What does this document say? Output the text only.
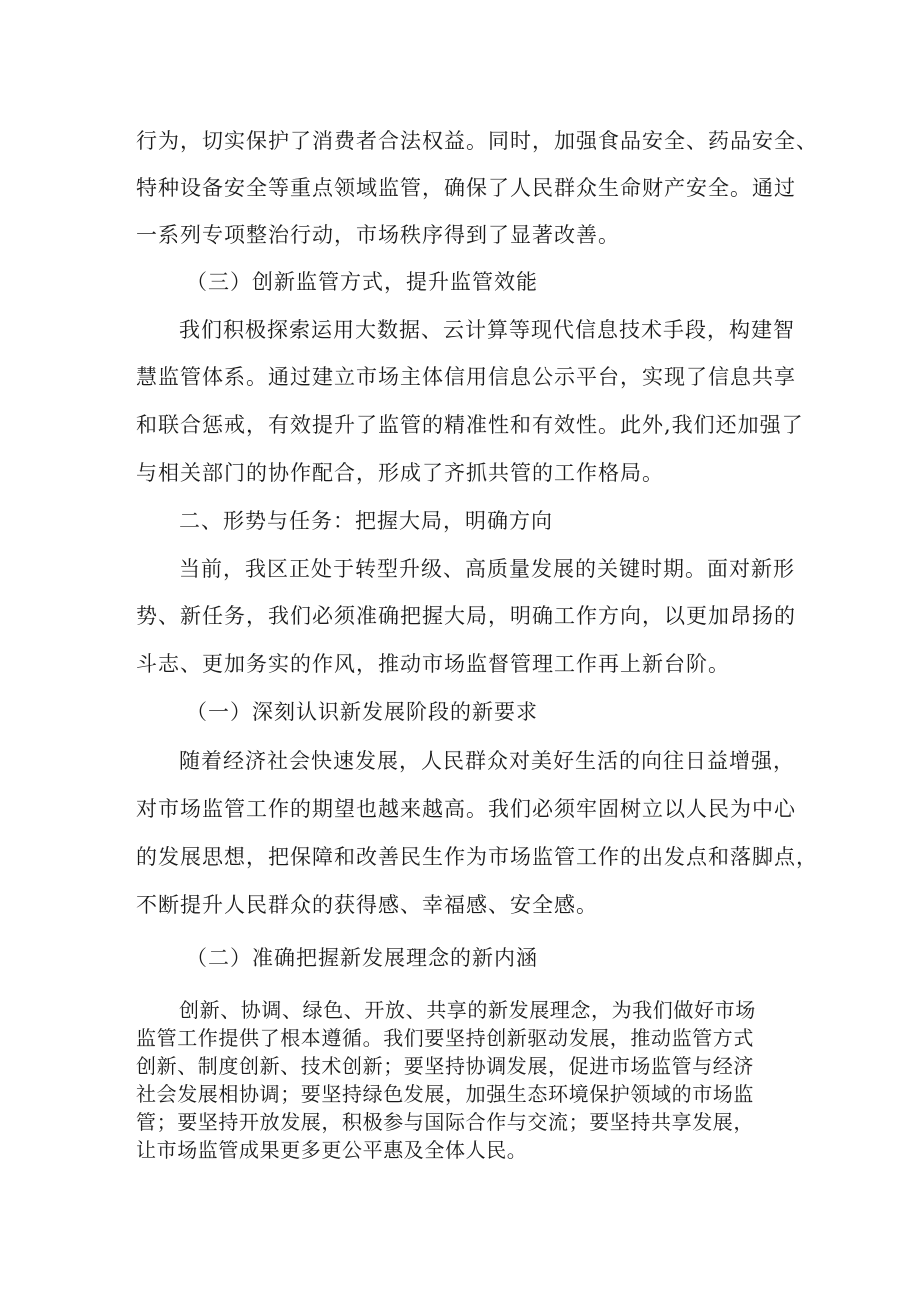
行为，切实保护了消费者合法权益。同时，加强食品安全、药品安全、
特种设备安全等重点领域监管，确保了人民群众生命财产安全。通过
一系列专项整治行动，市场秩序得到了显著改善。
（三）创新监管方式，提升监管效能
我们积极探索运用大数据、云计算等现代信息技术手段，构建智
慧监管体系。通过建立市场主体信用信息公示平台，实现了信息共享
和联合惩戒，有效提升了监管的精准性和有效性。此外,我们还加强了
与相关部门的协作配合，形成了齐抓共管的工作格局。
二、形势与任务：把握大局，明确方向
当前，我区正处于转型升级、高质量发展的关键时期。面对新形
势、新任务，我们必须准确把握大局，明确工作方向，以更加昂扬的
斗志、更加务实的作风，推动市场监督管理工作再上新台阶。
（一）深刻认识新发展阶段的新要求
随着经济社会快速发展，人民群众对美好生活的向往日益增强，
对市场监管工作的期望也越来越高。我们必须牢固树立以人民为中心
的发展思想，把保障和改善民生作为市场监管工作的出发点和落脚点，
不断提升人民群众的获得感、幸福感、安全感。
（二）准确把握新发展理念的新内涵
创新、协调、绿色、开放、共享的新发展理念，为我们做好市场
监管工作提供了根本遵循。我们要坚持创新驱动发展，推动监管方式
创新、制度创新、技术创新；要坚持协调发展，促进市场监管与经济
社会发展相协调；要坚持绿色发展，加强生态环境保护领域的市场监
管；要坚持开放发展，积极参与国际合作与交流；要坚持共享发展，
让市场监管成果更多更公平惠及全体人民。
